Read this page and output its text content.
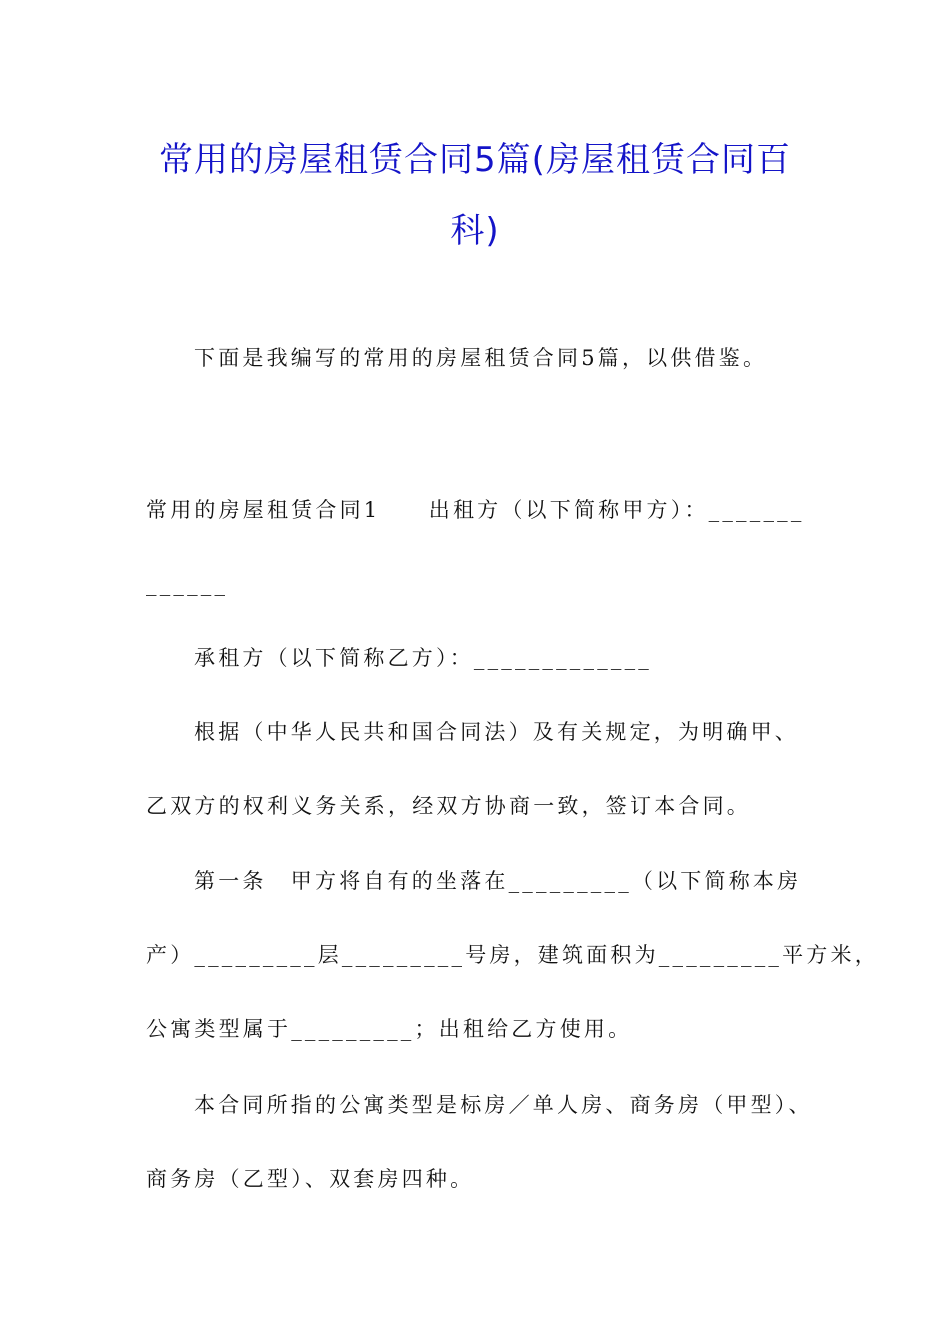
常用的房屋租赁合同5篇(房屋租赁合同百
科)
下面是我编写的常用的房屋租赁合同5篇，以供借鉴。
常用的房屋租赁合同1　　出租方（以下简称甲方）：_______
______
承租方（以下简称乙方）：_____________
根据（中华人民共和国合同法）及有关规定，为明确甲、
乙双方的权利义务关系，经双方协商一致，签订本合同。
第一条　甲方将自有的坐落在_________（以下简称本房
产）_________层_________号房，建筑面积为_________平方米，
公寓类型属于_________；出租给乙方使用。
本合同所指的公寓类型是标房／单人房、商务房（甲型）、
商务房（乙型）、双套房四种。
